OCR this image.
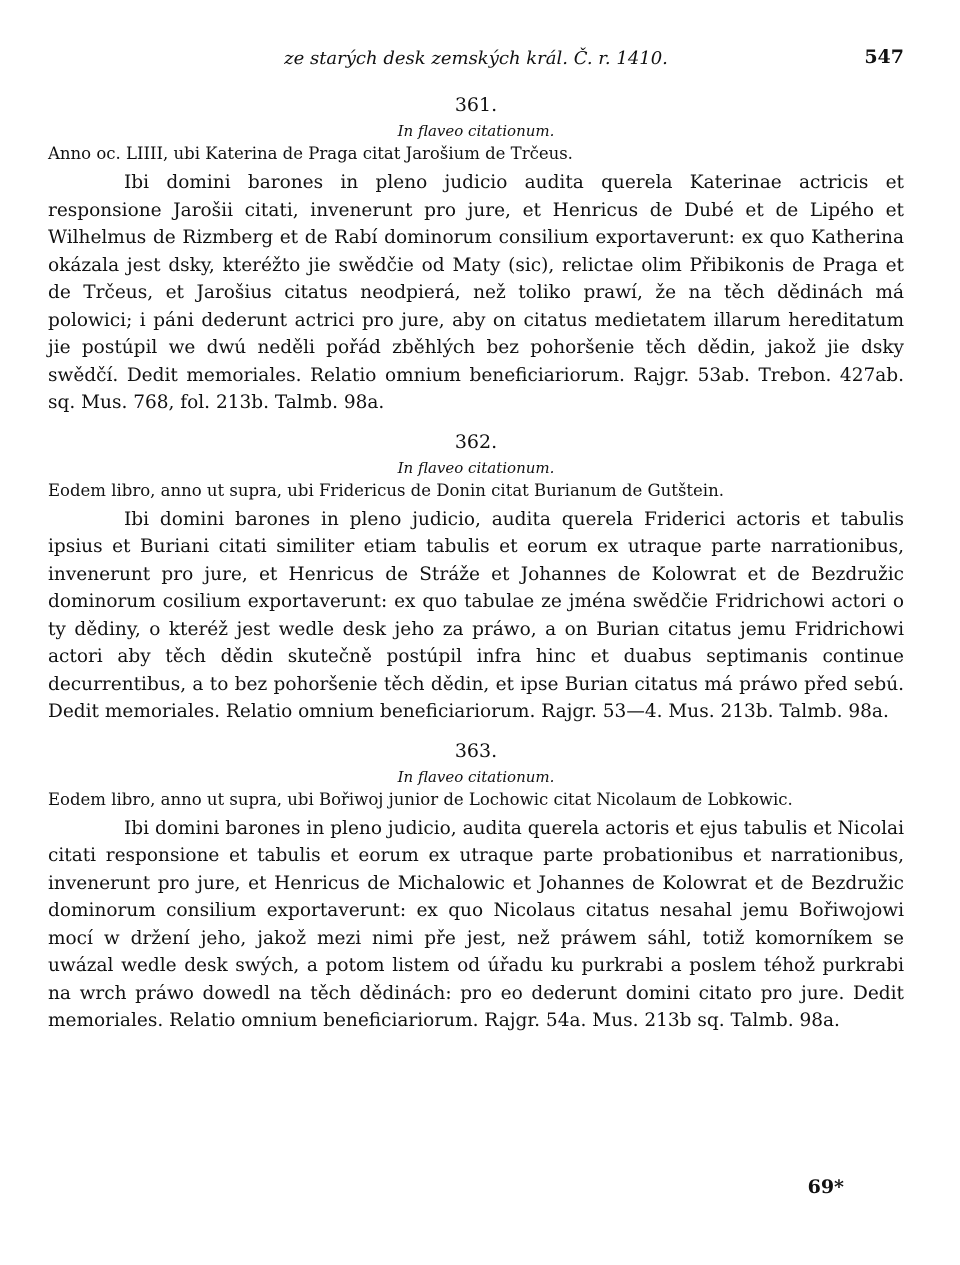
ze starých desk zemských král. Č. r. 1410.	547
361.
In flaveo citationum.
Anno oc. LIIII, ubi Katerina de Praga citat Jarošium de Trčeus.

Ibi domini barones in pleno judicio audita querela Katerinae actricis et responsione Jarošii citati, invenerunt pro jure, et Henricus de Dubé et de Lipého et Wilhelmus de Rizmberg et de Rabí dominorum consilium exportaverunt: ex quo Katherina okázala jest dsky, kteréžto jie swědčie od Maty (sic), relictae olim Přibikonis de Praga et de Trčeus, et Jarošius citatus neodpierá, než toliko prawí, že na těch dědinách má polowici; i páni dederunt actrici pro jure, aby on citatus medietatem illarum hereditatum jie postúpil we dwú neděli pořád zběhlých bez pohoršenie těch dědin, jakož jie dsky swědčí. Dedit memoriales. Relatio omnium beneficiariorum. Rajgr. 53ab. Trebon. 427ab. sq. Mus. 768, fol. 213b. Talmb. 98a.

362.
In flaveo citationum.
Eodem libro, anno ut supra, ubi Fridericus de Donin citat Burianum de Gutštein.

Ibi domini barones in pleno judicio, audita querela Friderici actoris et tabulis ipsius et Buriani citati similiter etiam tabulis et eorum ex utraque parte narrationibus, invenerunt pro jure, et Henricus de Stráže et Johannes de Kolowrat et de Bezdružic dominorum cosilium exportaverunt: ex quo tabulae ze jména swědčie Fridrichowi actori o ty dědiny, o kteréž jest wedle desk jeho za práwo, a on Burian citatus jemu Fridrichowi actori aby těch dědin skutečně postúpil infra hinc et duabus septimanis continue decurrentibus, a to bez pohoršenie těch dědin, et ipse Burian citatus má práwo před sebú. Dedit memoriales. Relatio omnium beneficiariorum. Rajgr. 53—4. Mus. 213b. Talmb. 98a.

363.
In flaveo citationum.
Eodem libro, anno ut supra, ubi Bořiwoj junior de Lochowic citat Nicolaum de Lobkowic.

Ibi domini barones in pleno judicio, audita querela actoris et ejus tabulis et Nicolai citati responsione et tabulis et eorum ex utraque parte probationibus et narrationibus, invenerunt pro jure, et Henricus de Michalowic et Johannes de Kolowrat et de Bezdružic dominorum consilium exportaverunt: ex quo Nicolaus citatus nesahal jemu Bořiwojowi mocí w držení jeho, jakož mezi nimi pře jest, než práwem sáhl, totiž komorníkem se uwázal wedle desk swých, a potom listem od úřadu ku purkrabi a poslem téhož purkrabi na wrch práwo dowedl na těch dědinách: pro eo dederunt domini citato pro jure. Dedit memoriales. Relatio omnium beneficiariorum. Rajgr. 54a. Mus. 213b sq. Talmb. 98a.

69*
